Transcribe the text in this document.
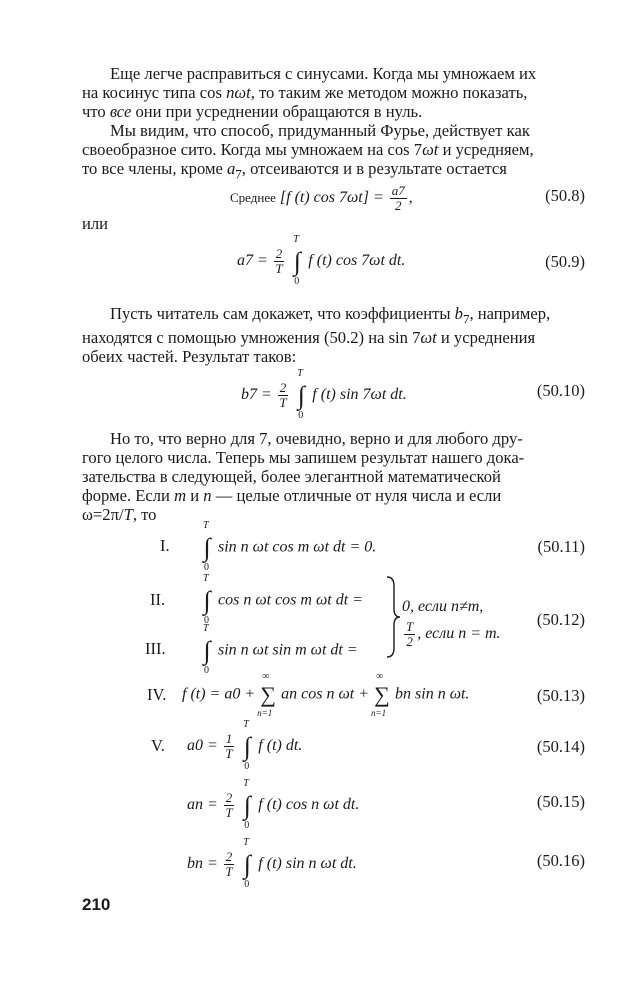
Еще легче расправиться с синусами. Когда мы умножаем их

на косинус типа cos nωt, то таким же методом можно показать,

что все они при усреднении обращаются в нуль.

Мы видим, что способ, придуманный Фурье, действует как

своеобразное сито. Когда мы умножаем на cos 7ωt и усредняем,

то все члены, кроме $a_7$, отсеиваются и в результате остается

Среднее [f (t) $\cos 7\omega t] = \frac{a7}{2}$ ,	(50.8)

или

$a7 = \frac{2}{T}$ ∫
T
0
f (t) cos 7ωt dt.	(50.9)

Пусть читатель сам докажет, что коэффициенты $b_7$, например,

находятся с помощью умножения (50.2) на sin 7ωt и усреднения

обеих частей. Результат таков:

$b7 = \frac{2}{T}$ ∫
T
0
f (t) sin 7ωt dt.	(50.10)

Но то, что верно для 7, очевидно, верно и для любого дру-

гого целого числа. Теперь мы запишем результат нашего дока-

зательства в следующей, более элегантной математической

форме. Если m и n — целые отличные от нуля числа и если

ω=2π/T, то

I. ∫
T
0
sin n ωt cos m ωt dt = 0.	(50.11)
II. ∫
T
0
cos n ωt cos m ωt dt =
III. ∫
T
0
sin n ωt sin m ωt dt =
0, если n≠m,
$\frac{T}{2}$ , если n = m.
(50.12)
IV. f (t) = a0 + ∑
∞
n=1
an cos n ωt + ∑
∞
n=1
bn sin n ωt.	(50.13)
V. $a0 = \frac{1}{T}$ ∫
T
0
f (t) dt.	(50.14)
an = $\frac{2}{T}$ ∫
T
0
f (t) cos n ωt dt.	(50.15)
bn = $\frac{2}{T}$ ∫
T
0
f (t) sin n ωt dt.	(50.16)
210
